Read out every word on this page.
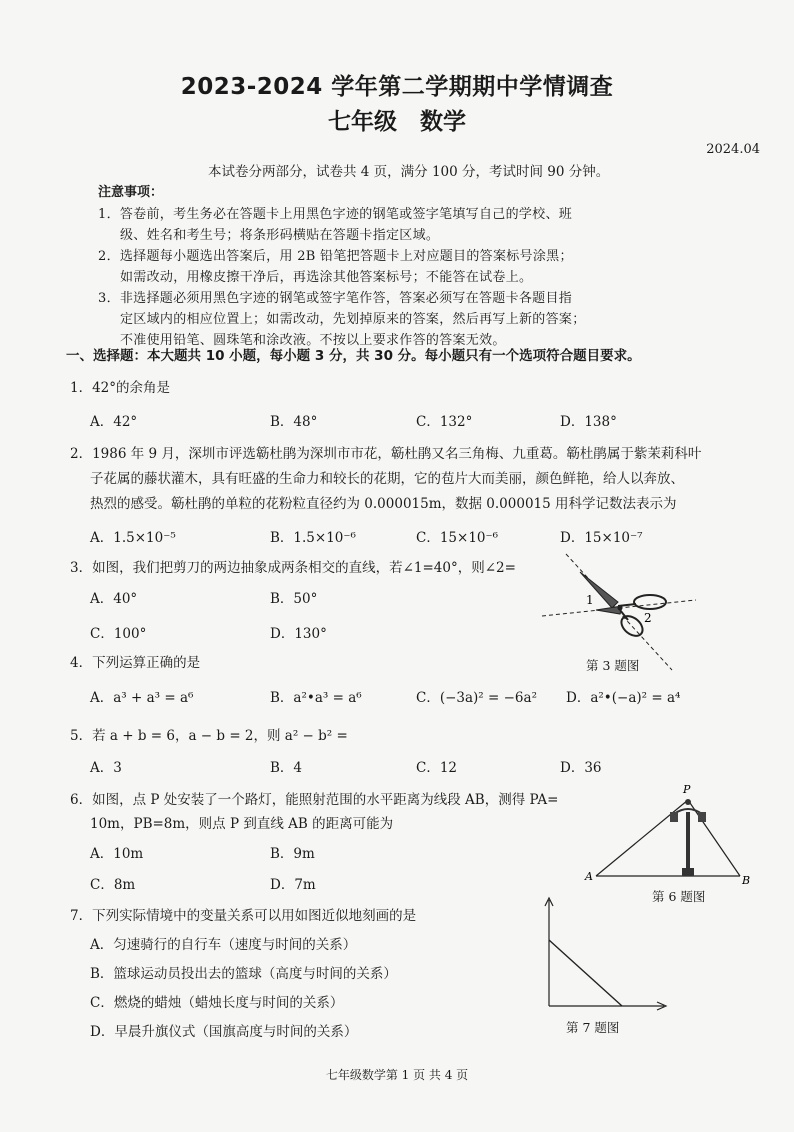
2023-2024 学年第二学期期中学情调查
七年级　数学
2024.04
本试卷分两部分，试卷共 4 页，满分 100 分，考试时间 90 分钟。
注意事项：
1．答卷前，考生务必在答题卡上用黑色字迹的钢笔或签字笔填写自己的学校、班
级、姓名和考生号；将条形码横贴在答题卡指定区域。
2．选择题每小题选出答案后，用 2B 铅笔把答题卡上对应题目的答案标号涂黑；
如需改动，用橡皮擦干净后，再选涂其他答案标号；不能答在试卷上。
3．非选择题必须用黑色字迹的钢笔或签字笔作答，答案必须写在答题卡各题目指
定区域内的相应位置上；如需改动，先划掉原来的答案，然后再写上新的答案；
不准使用铅笔、圆珠笔和涂改液。不按以上要求作答的答案无效。
一、选择题：本大题共 10 小题，每小题 3 分，共 30 分。每小题只有一个选项符合题目要求。
1．42°的余角是
A．42°	B．48°	C．132°	D．138°
2．1986 年 9 月，深圳市评选簕杜鹃为深圳市市花，簕杜鹃又名三角梅、九重葛。簕杜鹃属于紫茉莉科叶
子花属的藤状灌木，具有旺盛的生命力和较长的花期，它的苞片大而美丽，颜色鲜艳，给人以奔放、
热烈的感受。簕杜鹃的单粒的花粉粒直径约为 0.000015m，数据 0.000015 用科学记数法表示为
A．1.5×10⁻⁵	B．1.5×10⁻⁶	C．15×10⁻⁶	D．15×10⁻⁷
3．如图，我们把剪刀的两边抽象成两条相交的直线，若∠1=40°，则∠2=
A．40°	B．50°
C．100°	D．130°
1
2
第 3 题图
4．下列运算正确的是
A．a³ + a³ = a⁶	B．a²•a³ = a⁶	C．(−3a)² = −6a² D．a²•(−a)² = a⁴
5．若 a + b = 6，a − b = 2，则 a² − b² =
A．3	B．4	C．12	D．36
6．如图，点 P 处安装了一个路灯，能照射范围的水平距离为线段 AB，测得 PA=
10m，PB=8m，则点 P 到直线 AB 的距离可能为
A．10m	B．9m
C．8m	D．7m
P
A	B
第 6 题图
7．下列实际情境中的变量关系可以用如图近似地刻画的是
A．匀速骑行的自行车（速度与时间的关系）
B．篮球运动员投出去的篮球（高度与时间的关系）
C．燃烧的蜡烛（蜡烛长度与时间的关系）
D．早晨升旗仪式（国旗高度与时间的关系）	第 7 题图
七年级数学第 1 页 共 4 页
